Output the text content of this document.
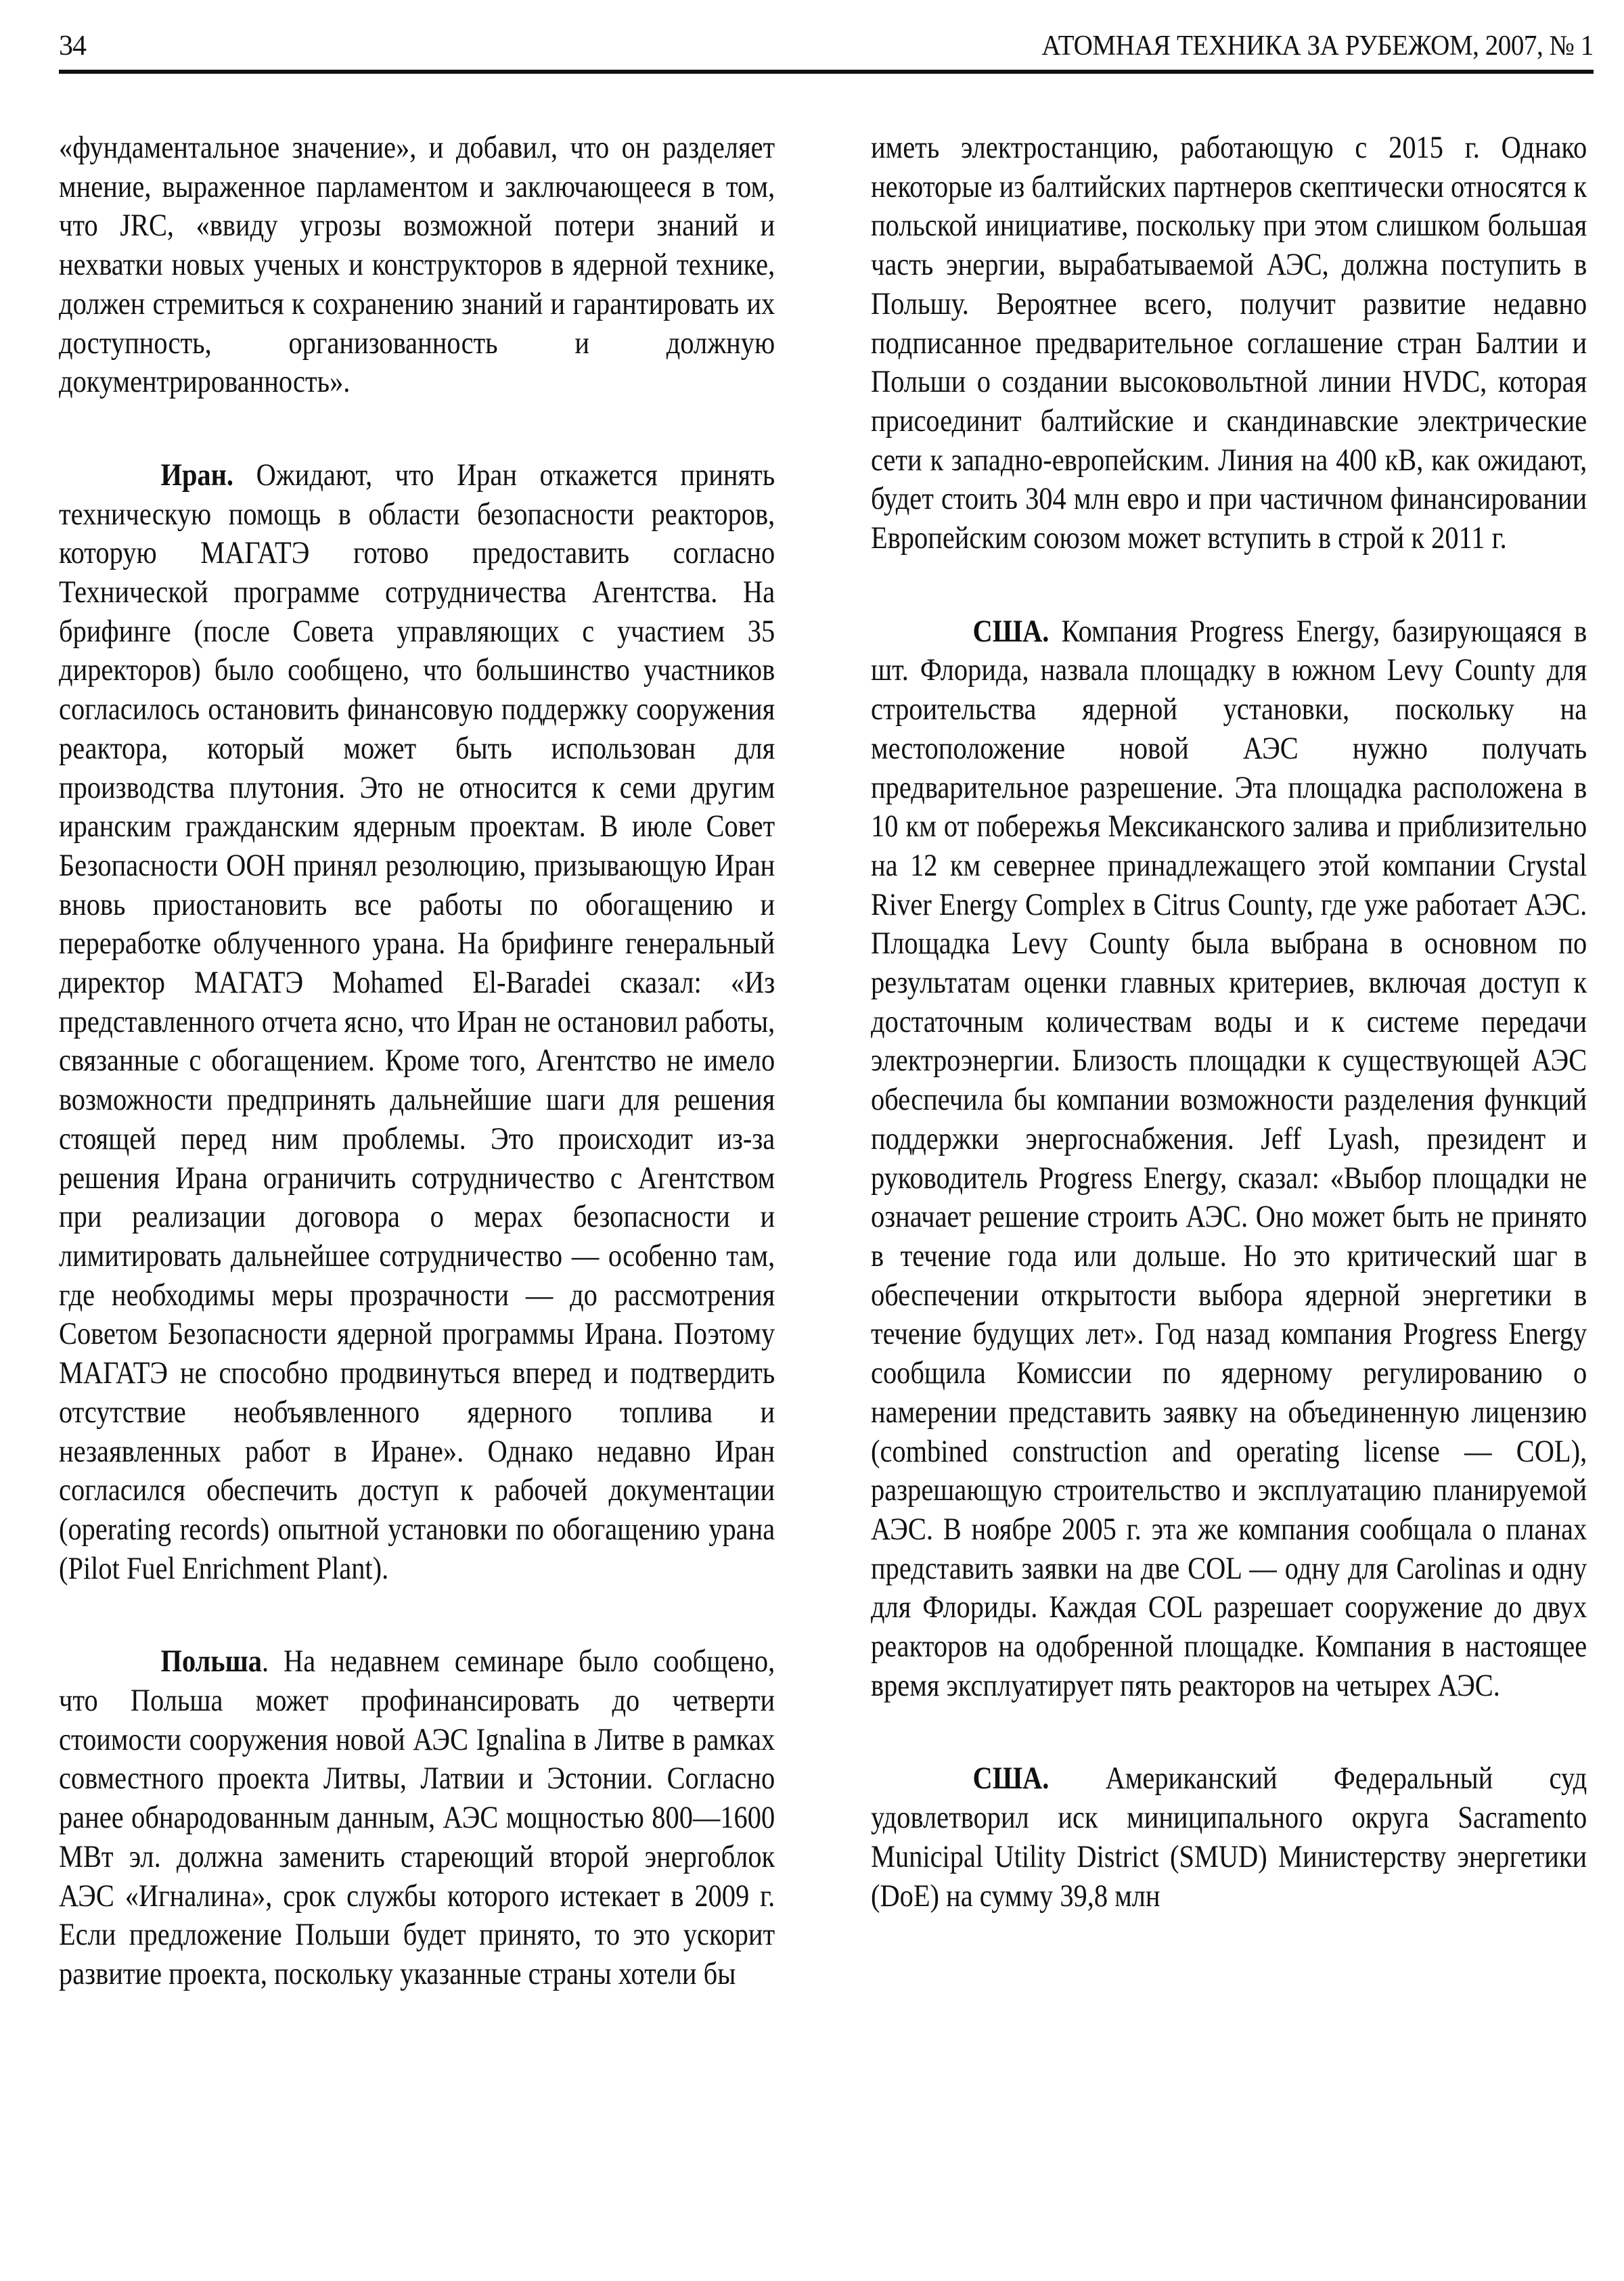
34	АТОМНАЯ ТЕХНИКА ЗА РУБЕЖОМ, 2007, № 1

«фундаментальное значение», и добавил, что он разделяет мнение, выраженное парламентом и заключающееся в том, что JRC, «ввиду угрозы возможной потери знаний и нехватки новых ученых и конструкторов в ядерной технике, должен стремиться к сохранению знаний и гарантировать их доступность, организованность и должную документрированность».

Иран. Ожидают, что Иран откажется принять техническую помощь в области безопасности реакторов, которую МАГАТЭ готово предоставить согласно Технической программе сотрудничества Агентства. На брифинге (после Совета управляющих с участием 35 директоров) было сообщено, что большинство участников согласилось остановить финансовую поддержку сооружения реактора, который может быть использован для производства плутония. Это не относится к семи другим иранским гражданским ядерным проектам. В июле Совет Безопасности ООН принял резолюцию, призывающую Иран вновь приостановить все работы по обогащению и переработке облученного урана. На брифинге генеральный директор МАГАТЭ Mohamed El-Baradei сказал: «Из представленного отчета ясно, что Иран не остановил работы, связанные с обогащением. Кроме того, Агентство не имело возможности предпринять дальнейшие шаги для решения стоящей перед ним проблемы. Это происходит из-за решения Ирана ограничить сотрудничество с Агентством при реализации договора о мерах безопасности и лимитировать дальнейшее сотрудничество — особенно там, где необходимы меры прозрачности — до рассмотрения Советом Безопасности ядерной программы Ирана. Поэтому МАГАТЭ не способно продвинуться вперед и подтвердить отсутствие необъявленного ядерного топлива и незаявленных работ в Иране». Однако недавно Иран согласился обеспечить доступ к рабочей документации (operating records) опытной установки по обогащению урана (Pilot Fuel Enrichment Plant).

Польша. На недавнем семинаре было сообщено, что Польша может профинансировать до четверти стоимости сооружения новой АЭС Ignalina в Литве в рамках совместного проекта Литвы, Латвии и Эстонии. Согласно ранее обнародованным данным, АЭС мощностью 800—1600 МВт эл. должна заменить стареющий второй энергоблок АЭС «Игналина», срок службы которого истекает в 2009 г. Если предложение Польши будет принято, то это ускорит развитие проекта, поскольку указанные страны хотели бы

иметь электростанцию, работающую с 2015 г. Однако некоторые из балтийских партнеров скептически относятся к польской инициативе, поскольку при этом слишком большая часть энергии, вырабатываемой АЭС, должна поступить в Польшу. Вероятнее всего, получит развитие недавно подписанное предварительное соглашение стран Балтии и Польши о создании высоковольтной линии HVDC, которая присоединит балтийские и скандинавские электрические сети к западно-европейским. Линия на 400 кВ, как ожидают, будет стоить 304 млн евро и при частичном финансировании Европейским союзом может вступить в строй к 2011 г.

США. Компания Progress Energy, базирующаяся в шт. Флорида, назвала площадку в южном Levy County для строительства ядерной установки, поскольку на местоположение новой АЭС нужно получать предварительное разрешение. Эта площадка расположена в 10 км от побережья Мексиканского залива и приблизительно на 12 км севернее принадлежащего этой компании Crystal River Energy Complex в Citrus County, где уже работает АЭС. Площадка Levy County была выбрана в основном по результатам оценки главных критериев, включая доступ к достаточным количествам воды и к системе передачи электроэнергии. Близость площадки к существующей АЭС обеспечила бы компании возможности разделения функций поддержки энергоснабжения. Jeff Lyash, президент и руководитель Progress Energy, сказал: «Выбор площадки не означает решение строить АЭС. Оно может быть не принято в течение года или дольше. Но это критический шаг в обеспечении открытости выбора ядерной энергетики в течение будущих лет». Год назад компания Progress Energy сообщила Комиссии по ядерному регулированию о намерении представить заявку на объединенную лицензию (combined construction and operating license — COL), разрешающую строительство и эксплуатацию планируемой АЭС. В ноябре 2005 г. эта же компания сообщала о планах представить заявки на две COL — одну для Carolinas и одну для Флориды. Каждая COL разрешает сооружение до двух реакторов на одобренной площадке. Компания в настоящее время эксплуатирует пять реакторов на четырех АЭС.

США. Американский Федеральный суд удовлетворил иск миниципального округа Sacramento Municipal Utility District (SMUD) Министерству энергетики (DoE) на сумму 39,8 млн
